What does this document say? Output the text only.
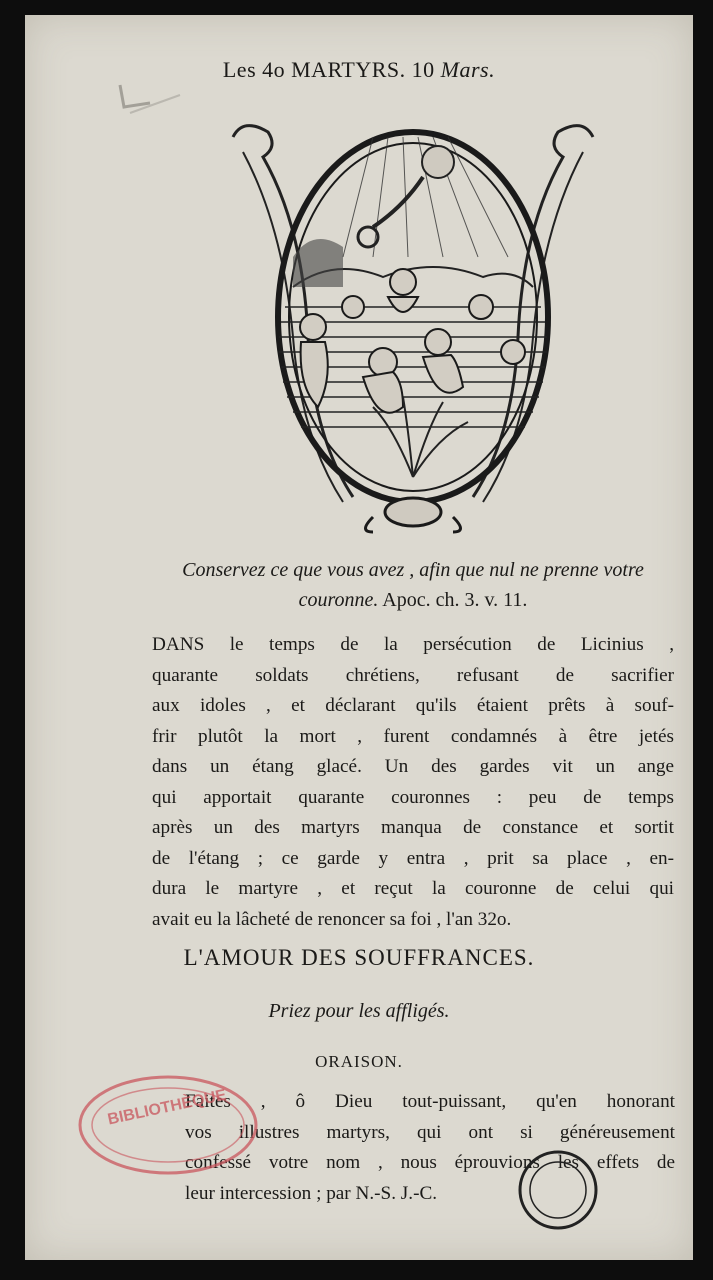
Les 4o MARTYRS. 10 Mars.
Conservez ce que vous avez , afin que nul ne prenne votre couronne. Apoc. ch. 3. v. 11.
DANS le temps de la persécution de Licinius ,
quarante soldats chrétiens, refusant de sacrifier
aux idoles , et déclarant qu'ils étaient prêts à souf-
frir plutôt la mort , furent condamnés à être jetés
dans un étang glacé. Un des gardes vit un ange
qui apportait quarante couronnes : peu de temps
après un des martyrs manqua de constance et sortit
de l'étang ; ce garde y entra , prit sa place , en-
dura le martyre , et reçut la couronne de celui qui
avait eu la lâcheté de renoncer sa foi , l'an 32o.
L'AMOUR DES SOUFFRANCES.
Priez pour les affligés.
ORAISON.
Faites , ô Dieu tout-puissant, qu'en honorant
vos illustres martyrs, qui ont si généreusement
confessé votre nom , nous éprouvions les effets de
leur intercession ; par N.-S. J.-C.
BIBLIOTHÈQUE
